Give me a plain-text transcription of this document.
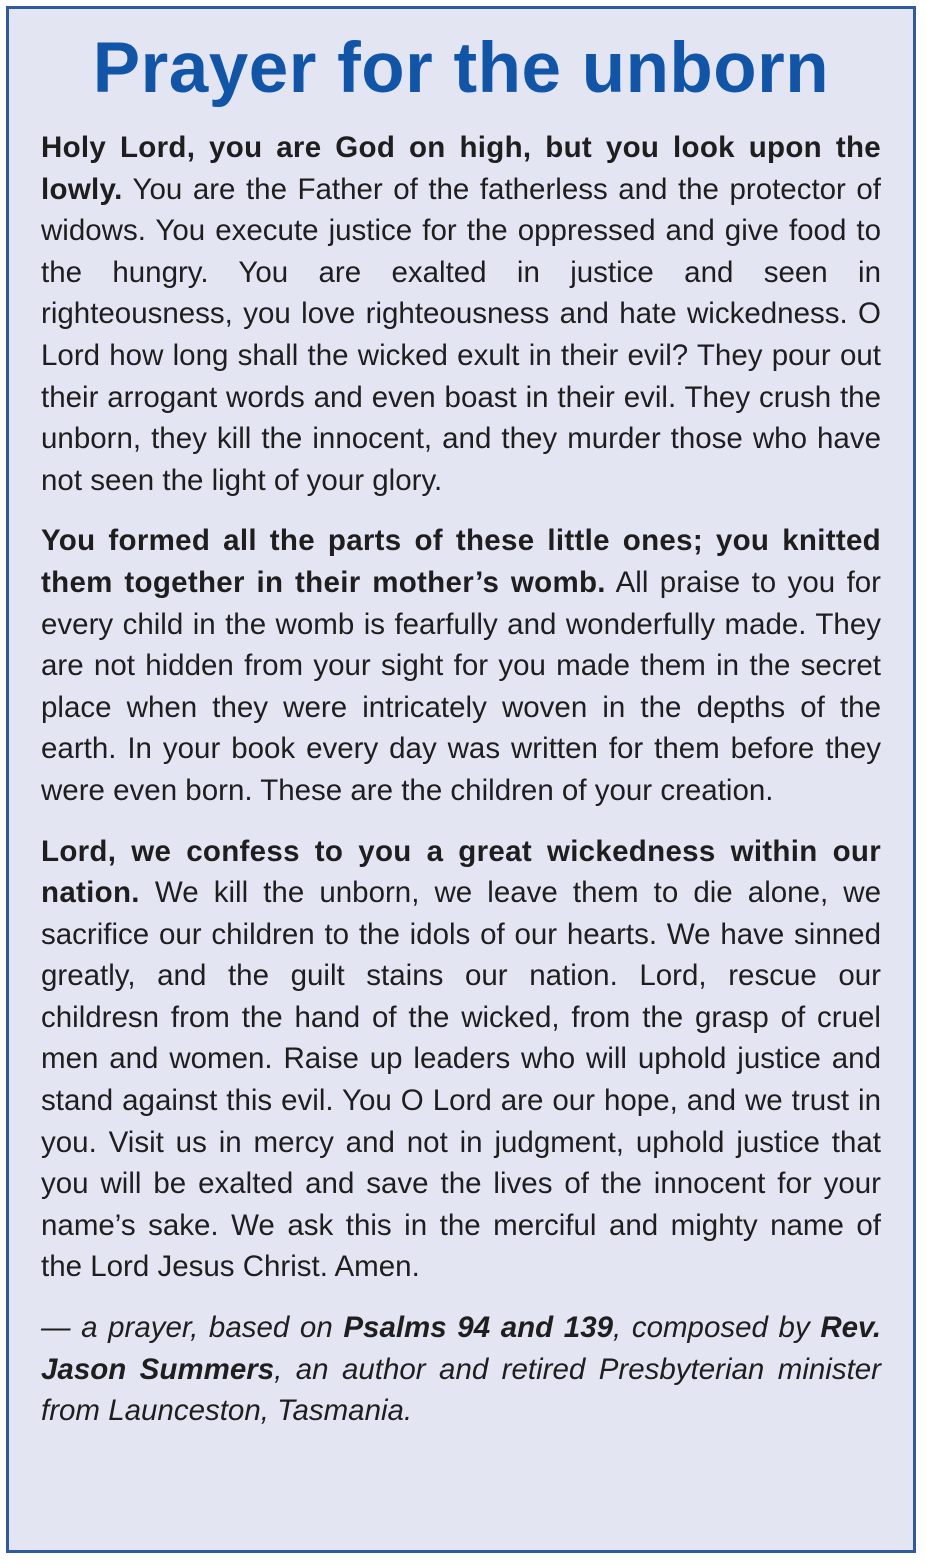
Prayer for the unborn

Holy Lord, you are God on high, but you look upon the lowly. You are the Father of the fatherless and the protector of widows. You execute justice for the oppressed and give food to the hungry. You are exalted in justice and seen in righteousness, you love righteousness and hate wickedness. O Lord how long shall the wicked exult in their evil? They pour out their arrogant words and even boast in their evil. They crush the unborn, they kill the innocent, and they murder those who have not seen the light of your glory.

You formed all the parts of these little ones; you knitted them together in their mother’s womb. All praise to you for every child in the womb is fearfully and wonderfully made. They are not hidden from your sight for you made them in the secret place when they were intricately woven in the depths of the earth. In your book every day was written for them before they were even born. These are the children of your creation.

Lord, we confess to you a great wickedness within our nation. We kill the unborn, we leave them to die alone, we sacrifice our children to the idols of our hearts. We have sinned greatly, and the guilt stains our nation. Lord, rescue our childresn from the hand of the wicked, from the grasp of cruel men and women. Raise up leaders who will uphold justice and stand against this evil. You O Lord are our hope, and we trust in you. Visit us in mercy and not in judgment, uphold justice that you will be exalted and save the lives of the innocent for your name’s sake. We ask this in the merciful and mighty name of the Lord Jesus Christ. Amen.

— a prayer, based on Psalms 94 and 139, composed by Rev. Jason Summers, an author and retired Presbyterian minister from Launceston, Tasmania.
